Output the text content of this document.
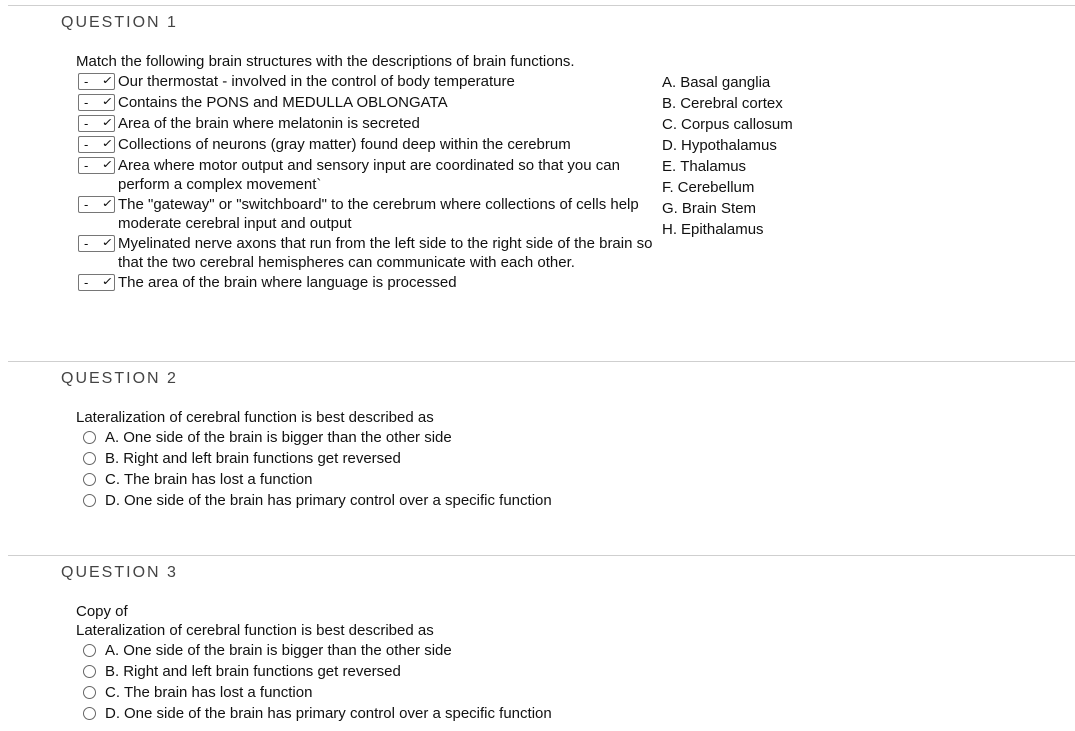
QUESTION 1
Match the following brain structures with the descriptions of brain functions.
- ✓ Our thermostat - involved in the control of body temperature
- ✓ Contains the PONS and MEDULLA OBLONGATA
- ✓ Area of the brain where melatonin is secreted
- ✓ Collections of neurons (gray matter) found deep within the cerebrum
- ✓ Area where motor output and sensory input are coordinated so that you can perform a complex movement`
- ✓ The "gateway" or "switchboard" to the cerebrum where collections of cells help moderate cerebral input and output
- ✓ Myelinated nerve axons that run from the left side to the right side of the brain so that the two cerebral hemispheres can communicate with each other.
- ✓ The area of the brain where language is processed
A. Basal ganglia
B. Cerebral cortex
C. Corpus callosum
D. Hypothalamus
E. Thalamus
F. Cerebellum
G. Brain Stem
H. Epithalamus
QUESTION 2
Lateralization of cerebral function is best described as
A. One side of the brain is bigger than the other side
B. Right and left brain functions get reversed
C. The brain has lost a function
D. One side of the brain has primary control over a specific function
QUESTION 3
Copy of
Lateralization of cerebral function is best described as
A. One side of the brain is bigger than the other side
B. Right and left brain functions get reversed
C. The brain has lost a function
D. One side of the brain has primary control over a specific function
